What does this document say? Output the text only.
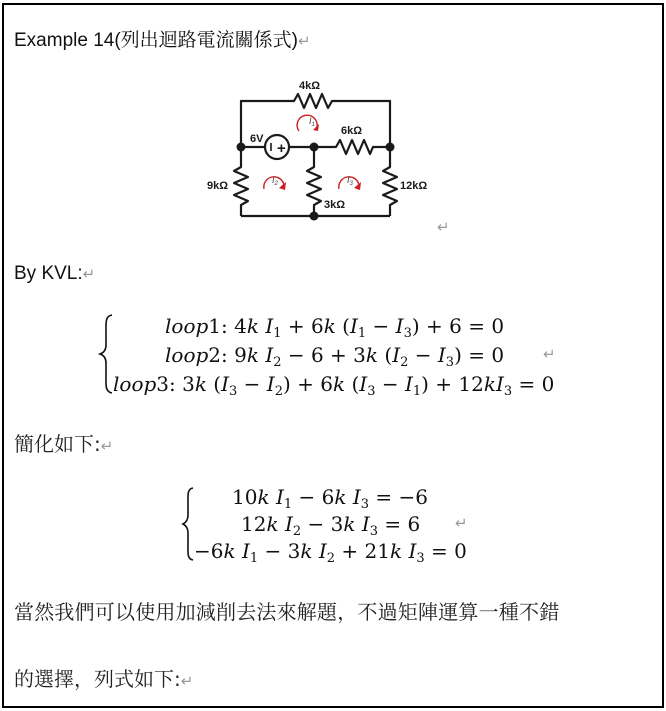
Example 14(列出迴路電流關係式)↵
+
4kΩ
6kΩ
9kΩ
3kΩ
12kΩ
6V
$I_1$
$I_2$	$I_3$
↵
By KVL:↵
loop1: 4k $I_1 + 6k$ $(I_1 - I_3) + 6 = 0$
loop2: 9k $I_2 - 6 + 3k$ $(I_2 - I_3) = 0$
loop3: 3k $(I_3 - I_2) + 6k$ $(I_3 - I_1) + 12kI_3 = 0$
↵
簡化如下:↵
10k $I_1 - 6k$ $I_3 = -6$
12k $I_2 - 3k$ $I_3 = 6$
−6k $I_1 - 3k$ $I_2 + 21k$ $I_3 = 0$
↵
當然我們可以使用加減削去法來解題，不過矩陣運算一種不錯
的選擇，列式如下:↵
